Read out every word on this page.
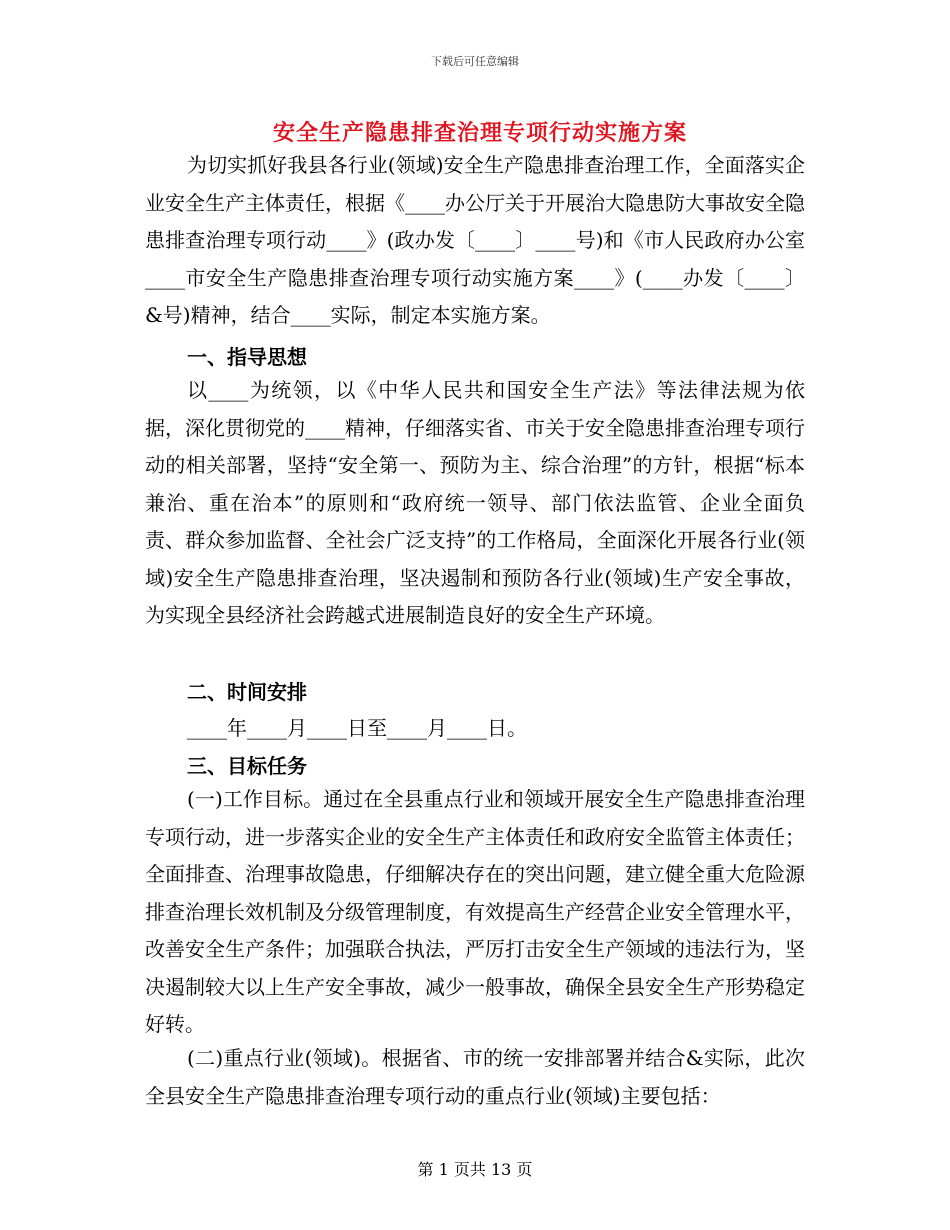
下载后可任意编辑
安全生产隐患排查治理专项行动实施方案
为切实抓好我县各行业(领域)安全生产隐患排查治理工作，全面落实企业安全生产主体责任，根据《____办公厅关于开展治大隐患防大事故安全隐患排查治理专项行动____》(政办发〔____〕____号)和《市人民政府办公室____市安全生产隐患排查治理专项行动实施方案____》(____办发〔____〕&号)精神，结合____实际，制定本实施方案。
一、指导思想
以____为统领，以《中华人民共和国安全生产法》等法律法规为依据，深化贯彻党的____精神，仔细落实省、市关于安全隐患排查治理专项行动的相关部署，坚持“安全第一、预防为主、综合治理”的方针，根据“标本兼治、重在治本”的原则和“政府统一领导、部门依法监管、企业全面负责、群众参加监督、全社会广泛支持”的工作格局，全面深化开展各行业(领域)安全生产隐患排查治理，坚决遏制和预防各行业(领域)生产安全事故，为实现全县经济社会跨越式进展制造良好的安全生产环境。
二、时间安排
____年____月____日至____月____日。
三、目标任务
(一)工作目标。通过在全县重点行业和领域开展安全生产隐患排查治理专项行动，进一步落实企业的安全生产主体责任和政府安全监管主体责任；全面排查、治理事故隐患，仔细解决存在的突出问题，建立健全重大危险源排查治理长效机制及分级管理制度，有效提高生产经营企业安全管理水平，改善安全生产条件；加强联合执法，严厉打击安全生产领域的违法行为，坚决遏制较大以上生产安全事故，减少一般事故，确保全县安全生产形势稳定好转。
(二)重点行业(领域)。根据省、市的统一安排部署并结合&实际，此次全县安全生产隐患排查治理专项行动的重点行业(领域)主要包括：
第 1 页共 13 页
